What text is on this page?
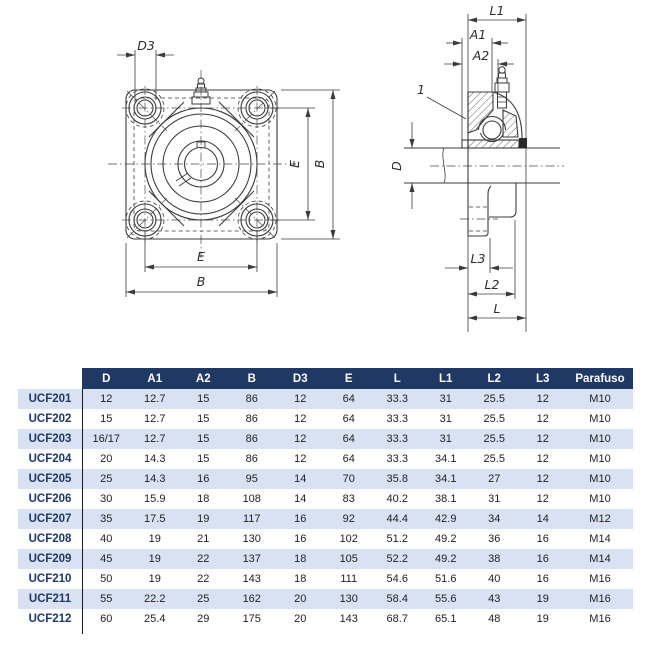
D3
E B
E
B
1
L1
A1
A2
D
L3
L2
L
	D	A1	A2	B	D3	E	L	L1	L2	L3	Parafuso
UCF201	12	12.7	15	86	12	64	33.3	31	25.5	12	M10
UCF202	15	12.7	15	86	12	64	33.3	31	25.5	12	M10
UCF203	16/17	12.7	15	86	12	64	33.3	31	25.5	12	M10
UCF204	20	14.3	15	86	12	64	33.3	34.1	25.5	12	M10
UCF205	25	14.3	16	95	14	70	35.8	34.1	27	12	M10
UCF206	30	15.9	18	108	14	83	40.2	38.1	31	12	M10
UCF207	35	17.5	19	117	16	92	44.4	42.9	34	14	M12
UCF208	40	19	21	130	16	102	51.2	49.2	36	16	M14
UCF209	45	19	22	137	18	105	52.2	49.2	38	16	M14
UCF210	50	19	22	143	18	111	54.6	51.6	40	16	M16
UCF211	55	22.2	25	162	20	130	58.4	55.6	43	19	M16
UCF212	60	25.4	29	175	20	143	68.7	65.1	48	19	M16
